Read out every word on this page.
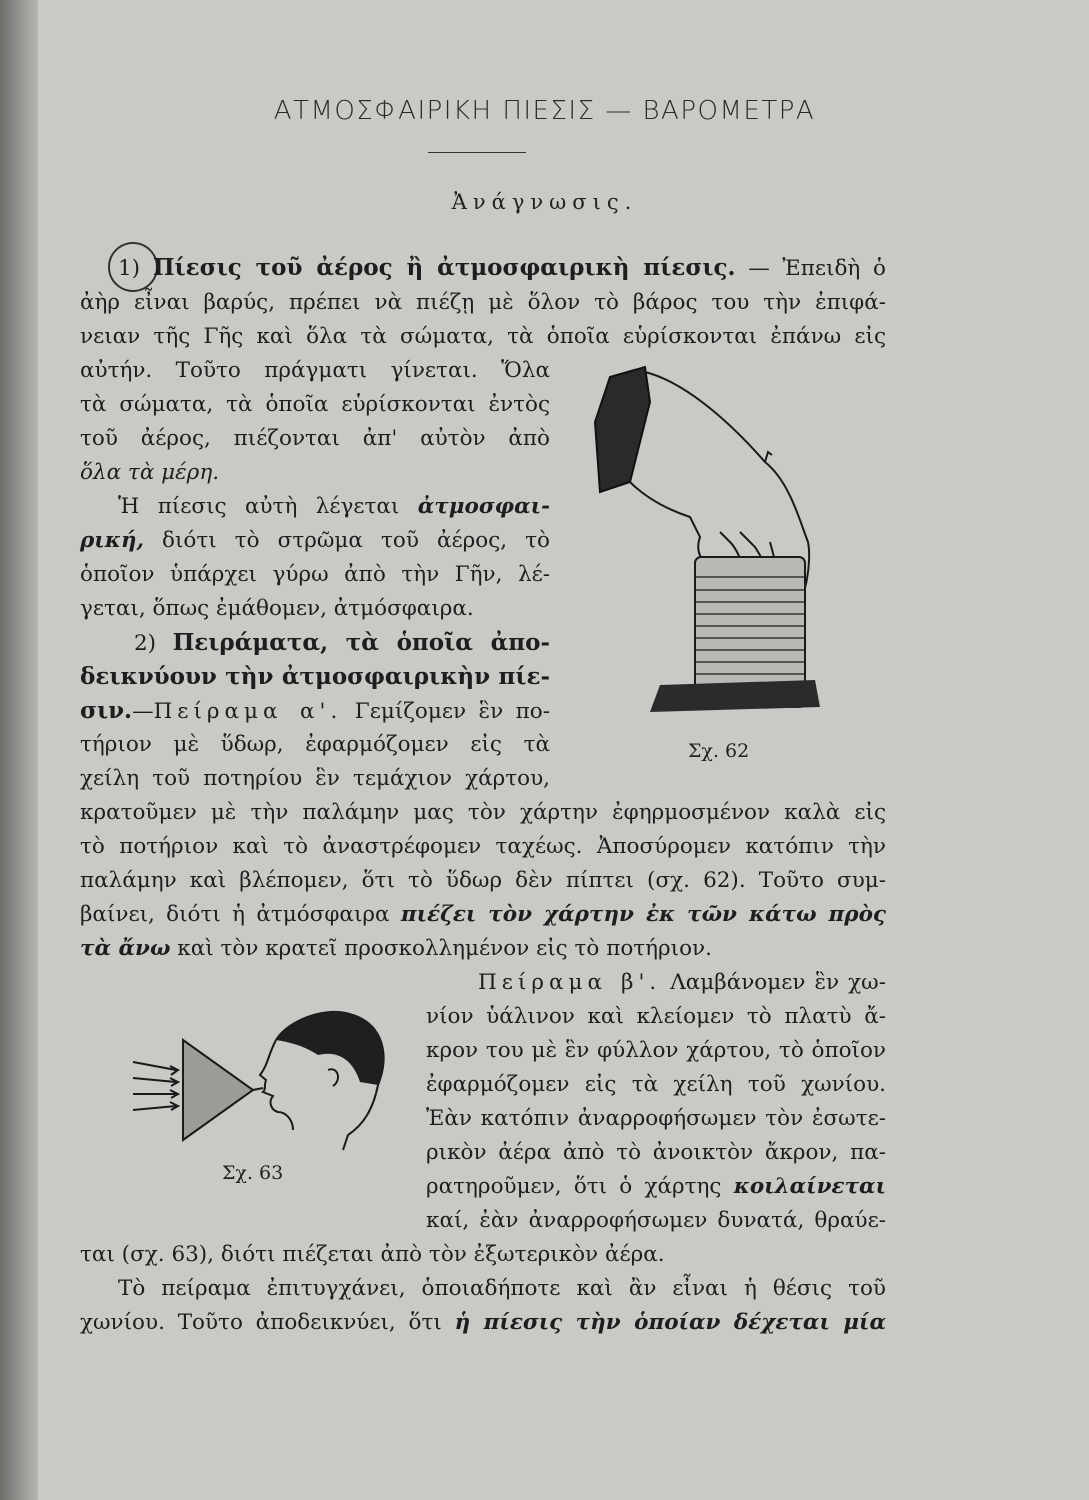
ΑΤΜΟΣΦΑΙΡΙΚΗ ΠΙΕΣΙΣ — ΒΑΡΟΜΕΤΡΑ
Ἀνάγνωσις.
1) Πίεσις τοῦ ἀέρος ἢ ἀτμοσφαιρικὴ πίεσις. — Ἐπειδὴ ὁ
ἀὴρ εἶναι βαρύς, πρέπει νὰ πιέζῃ μὲ ὅλον τὸ βάρος του τὴν ἐπιφά-
νειαν τῆς Γῆς καὶ ὅλα τὰ σώματα, τὰ ὁποῖα εὑρίσκονται ἐπάνω εἰς
αὐτήν. Τοῦτο πράγματι γίνεται. Ὅλα
τὰ σώματα, τὰ ὁποῖα εὑρίσκονται ἐντὸς
τοῦ ἀέρος, πιέζονται ἀπ' αὐτὸν ἀπὸ
ὅλα τὰ μέρη.
Ἡ πίεσις αὐτὴ λέγεται ἀτμοσφαι-
ρική, διότι τὸ στρῶμα τοῦ ἀέρος, τὸ
ὁποῖον ὑπάρχει γύρω ἀπὸ τὴν Γῆν, λέ-
γεται, ὅπως ἐμάθομεν, ἀτμόσφαιρα.
2) Πειράματα, τὰ ὁποῖα ἀπο-
δεικνύουν τὴν ἀτμοσφαιρικὴν πίε-
σιν.—Πείραμα α'. Γεμίζομεν ἓν πο-
τήριον μὲ ὕδωρ, ἐφαρμόζομεν εἰς τὰ
χείλη τοῦ ποτηρίου ἓν τεμάχιον χάρτου,
κρατοῦμεν μὲ τὴν παλάμην μας τὸν χάρτην ἐφηρμοσμένον καλὰ εἰς
τὸ ποτήριον καὶ τὸ ἀναστρέφομεν ταχέως. Ἀποσύρομεν κατόπιν τὴν
παλάμην καὶ βλέπομεν, ὅτι τὸ ὕδωρ δὲν πίπτει (σχ. 62). Τοῦτο συμ-
βαίνει, διότι ἡ ἀτμόσφαιρα πιέζει τὸν χάρτην ἐκ τῶν κάτω πρὸς
τὰ ἄνω καὶ τὸν κρατεῖ προσκολλημένον εἰς τὸ ποτήριον.
Πείραμα β'. Λαμβάνομεν ἓν χω-
νίον ὑάλινον καὶ κλείομεν τὸ πλατὺ ἄ-
κρον του μὲ ἓν φύλλον χάρτου, τὸ ὁποῖον
ἐφαρμόζομεν εἰς τὰ χείλη τοῦ χωνίου.
Ἐὰν κατόπιν ἀναρροφήσωμεν τὸν ἐσωτε-
ρικὸν ἀέρα ἀπὸ τὸ ἀνοικτὸν ἄκρον, πα-
ρατηροῦμεν, ὅτι ὁ χάρτης κοιλαίνεται
καί, ἐὰν ἀναρροφήσωμεν δυνατά, θραύε-
ται (σχ. 63), διότι πιέζεται ἀπὸ τὸν ἐξωτερικὸν ἀέρα.
Τὸ πείραμα ἐπιτυγχάνει, ὁποιαδήποτε καὶ ἂν εἶναι ἡ θέσις τοῦ
χωνίου. Τοῦτο ἀποδεικνύει, ὅτι ἡ πίεσις τὴν ὁποίαν δέχεται μία
Σχ. 62
Σχ. 63
